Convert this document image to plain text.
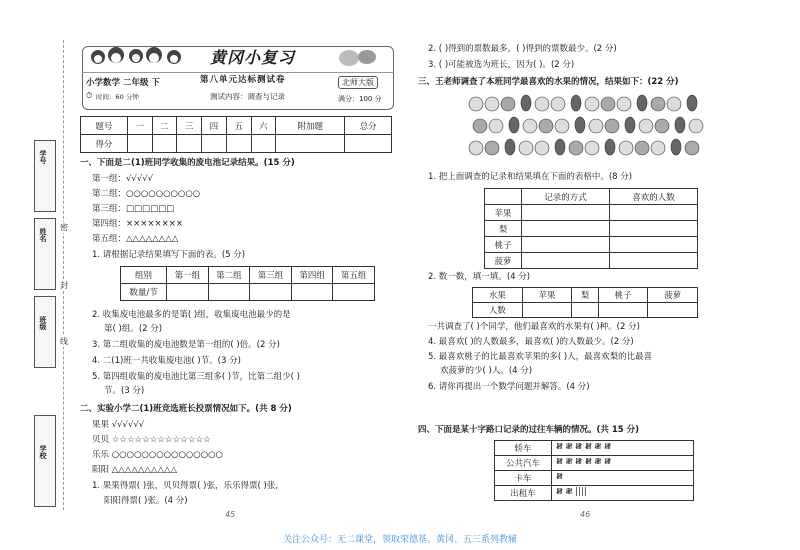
学号
姓名
班级
学校
密
封
线
黄冈小复习
小学数学 二年级 下
时间：60 分钟
⏱
第八单元达标测试卷
测试内容：调查与记录
北师大版
满分：100 分
题号	一	二	三	四	五	六	附加题	总分
得分								
一、下面是二(1)班同学收集的废电池记录结果。(15 分)
第一组：√√√√√
第二组：○○○○○○○○○○
第三组：□□□□□□
第四组：××××××××
第五组：△△△△△△△△
1. 请根据记录结果填写下面的表。(5 分)
组别	第一组	第二组	第三组	第四组	第五组
数量/节					
2. 收集废电池最多的是第( )组，收集废电池最少的是
第( )组。(2 分)
3. 第二组收集的废电池数是第一组的( )倍。(2 分)
4. 二(1)班一共收集废电池( )节。(3 分)
5. 第四组收集的废电池比第三组多( )节，比第二组少( )
节。(3 分)
二、实验小学二(1)班竞选班长投票情况如下。(共 8 分)
果果 √√√√√√
贝贝 ☆☆☆☆☆☆☆☆☆☆☆☆☆
乐乐 ○○○○○○○○○○○○○○○
阳阳 △△△△△△△△△△
1. 果果得票( )张，贝贝得票( )张，乐乐得票( )张，
阳阳得票( )张。(4 分)
45
2. ( )得到的票数最多，( )得到的票数最少。(2 分)
3. ( )可能被选为班长，因为( )。(2 分)
三、王老师调查了本班同学最喜欢的水果的情况，结果如下：(22 分)
1. 把上面调查的记录和结果填在下面的表格中。(8 分)
	记录的方式	喜欢的人数
苹果		
梨		
桃子		
菠萝		
2. 数一数，填一填。(4 分)
水果	苹果	梨	桃子	菠萝
人数				
一共调查了( )个同学，他们最喜欢的水果有( )种。(2 分)
4. 最喜欢( )的人数最多，最喜欢( )的人数最少。(2 分)
5. 最喜欢桃子的比最喜欢苹果的多( )人，最喜欢梨的比最喜
欢菠萝的少( )人。(4 分)
6. 请你再提出一个数学问题并解答。(4 分)
四、下面是某十字路口记录的过往车辆的情况。(共 15 分)
轿车	𝍸 𝍸 𝍸 𝍸 𝍸 𝍸
公共汽车	𝍸 𝍸 𝍸 𝍸 𝍸 𝍸
卡车	𝍸
出租车	𝍸 𝍸 ||||
46
关注公众号：无二课堂，领取荣德基、黄冈、五三系列教辅
